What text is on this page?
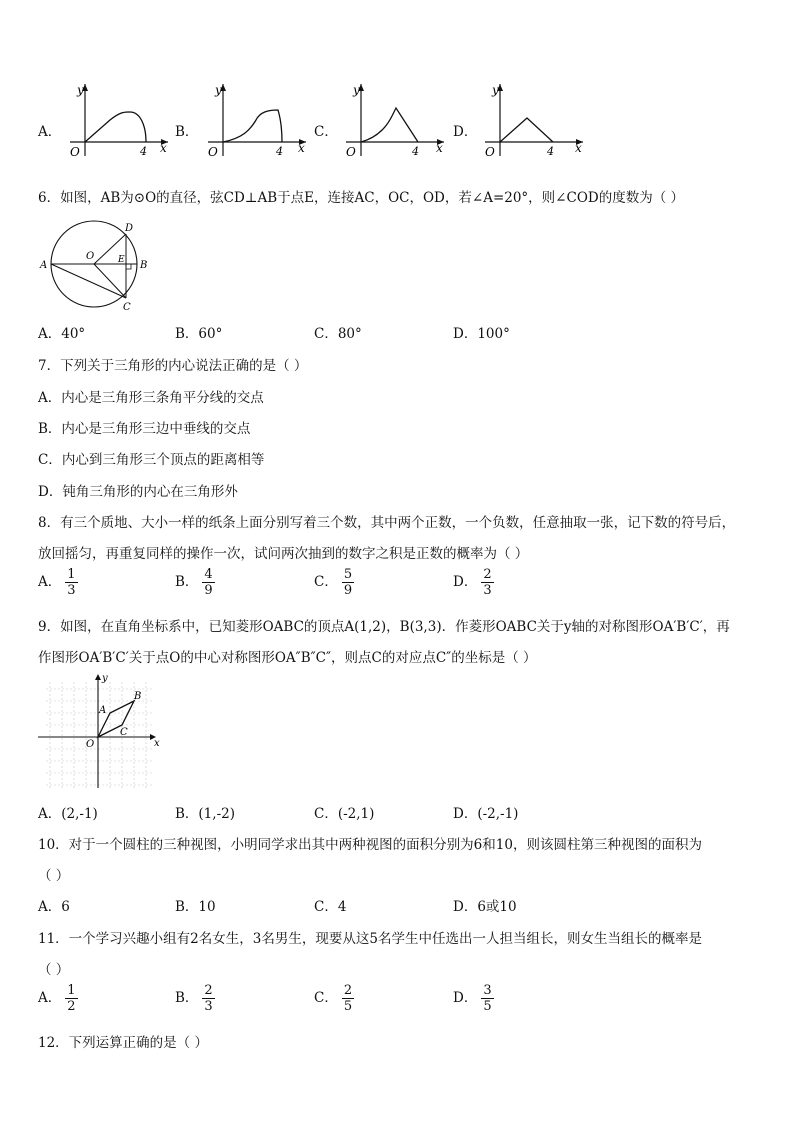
A．	B．	C．	D．
y
x
O	4
y
x
O	4
y
x
O	4
y
x
O	4
6．如图，AB为⊙O的直径，弦CD⊥AB于点E，连接AC，OC，OD，若∠A=20°，则∠COD的度数为（ ）
A
O
D
E B
C
A．40°	B．60°	C．80°	D．100°
7．下列关于三角形的内心说法正确的是（ ）
A．内心是三角形三条角平分线的交点
B．内心是三角形三边中垂线的交点
C．内心到三角形三个顶点的距离相等
D．钝角三角形的内心在三角形外
8．有三个质地、大小一样的纸条上面分别写着三个数，其中两个正数，一个负数，任意抽取一张，记下数的符号后，
放回摇匀，再重复同样的操作一次，试问两次抽到的数字之积是正数的概率为（ ）
A． $\frac{1}{3}$	B． $\frac{4}{9}$	C． $\frac{5}{9}$	D． $\frac{2}{3}$
9．如图，在直角坐标系中，已知菱形OABC的顶点A(1,2)，B(3,3)．作菱形OABC关于y轴的对称图形OA′B′C′，再
作图形OA′B′C′关于点O的中心对称图形OA″B″C″，则点C的对应点C″的坐标是（ ）
y
x
O
A
B
C
A．(2,-1)	B．(1,-2)	C．(-2,1)	D．(-2,-1)
10．对于一个圆柱的三种视图，小明同学求出其中两种视图的面积分别为6和10，则该圆柱第三种视图的面积为
（ ）
A．6	B．10	C．4	D．6或10
11．一个学习兴趣小组有2名女生，3名男生，现要从这5名学生中任选出一人担当组长，则女生当组长的概率是
（ ）
A． $\frac{1}{2}$	B． $\frac{2}{3}$	C． $\frac{2}{5}$	D． $\frac{3}{5}$
12．下列运算正确的是（ ）
